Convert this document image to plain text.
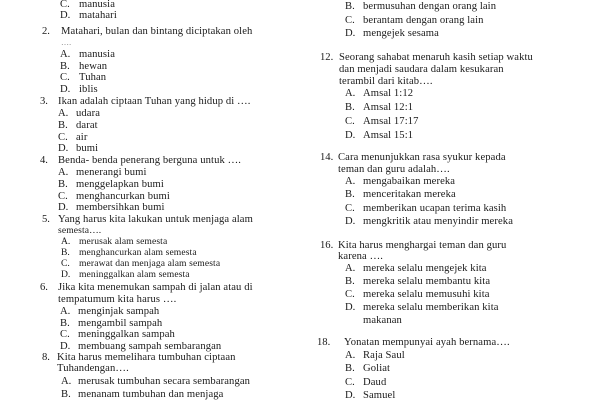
C. manusia
D. matahari
2. Matahari, bulan dan bintang diciptakan oleh
….
A. manusia
B. hewan
C. Tuhan
D. iblis
3. Ikan adalah ciptaan Tuhan yang hidup di ….
A. udara
B. darat
C. air
D. bumi
4. Benda- benda penerang berguna untuk ….
A. menerangi bumi
B. menggelapkan bumi
C. menghancurkan bumi
D. membersihkan bumi
5. Yang harus kita lakukan untuk menjaga alam
semesta….
A. merusak alam semesta
B. menghancurkan alam semesta
C. merawat dan menjaga alam semesta
D. meninggalkan alam semesta
6. Jika kita menemukan sampah di jalan atau di
tempatumum kita harus ….
A. menginjak sampah
B. mengambil sampah
C. meninggalkan sampah
D. membuang sampah sembarangan
8. Kita harus memelihara tumbuhan ciptaan
Tuhandengan….
A. merusak tumbuhan secara sembarangan
B. menanam tumbuhan dan menjaga
B. bermusuhan dengan orang lain
C. berantam dengan orang lain
D. mengejek sesama
12. Seorang sahabat menaruh kasih setiap waktu
dan menjadi saudara dalam kesukaran
terambil dari kitab….
A. Amsal 1:12
B. Amsal 12:1
C. Amsal 17:17
D. Amsal 15:1
14. Cara menunjukkan rasa syukur kepada
teman dan guru adalah….
A. mengabaikan mereka
B. menceritakan mereka
C. memberikan ucapan terima kasih
D. mengkritik atau menyindir mereka
16. Kita harus menghargai teman dan guru
karena ….
A. mereka selalu mengejek kita
B. mereka selalu membantu kita
C. mereka selalu memusuhi kita
D. mereka selalu memberikan kita
makanan
18. Yonatan mempunyai ayah bernama….
A. Raja Saul
B. Goliat
C. Daud
D. Samuel
